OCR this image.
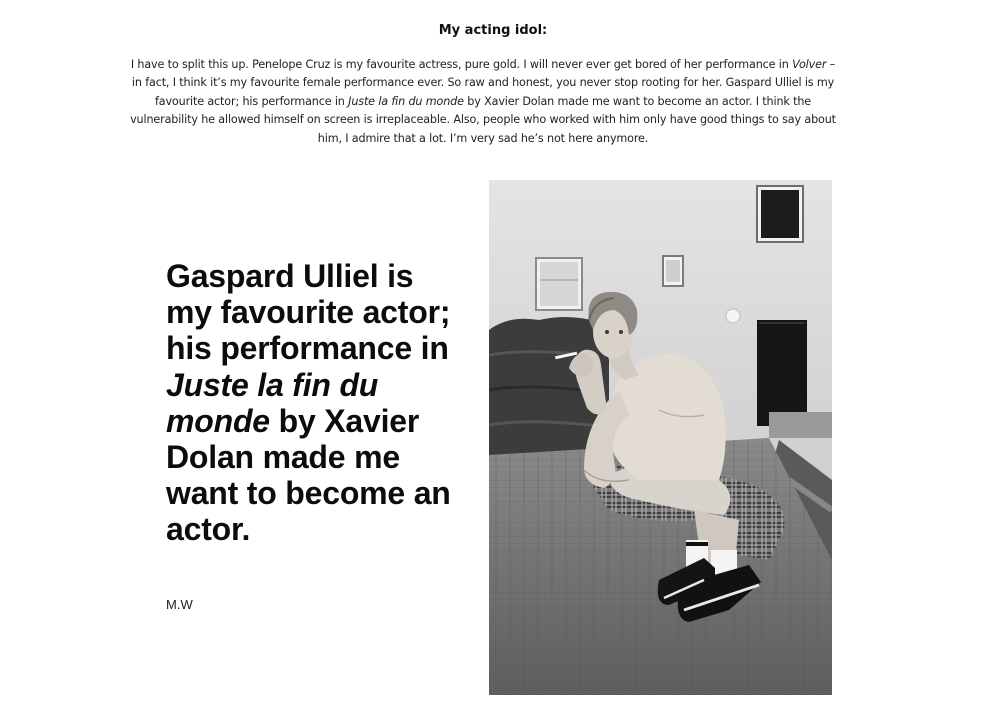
My acting idol:

I have to split this up. Penelope Cruz is my favourite actress, pure gold. I will never ever get bored of her performance in Volver – in fact, I think it’s my favourite female performance ever. So raw and honest, you never stop rooting for her. Gaspard Ulliel is my favourite actor; his performance in Juste la fin du monde by Xavier Dolan made me want to become an actor. I think the vulnerability he allowed himself on screen is irreplaceable. Also, people who worked with him only have good things to say about him, I admire that a lot. I’m very sad he’s not here anymore.

Gaspard Ulliel is my favourite actor; his performance in Juste la fin du monde by Xavier Dolan made me want to become an actor.
M.W
